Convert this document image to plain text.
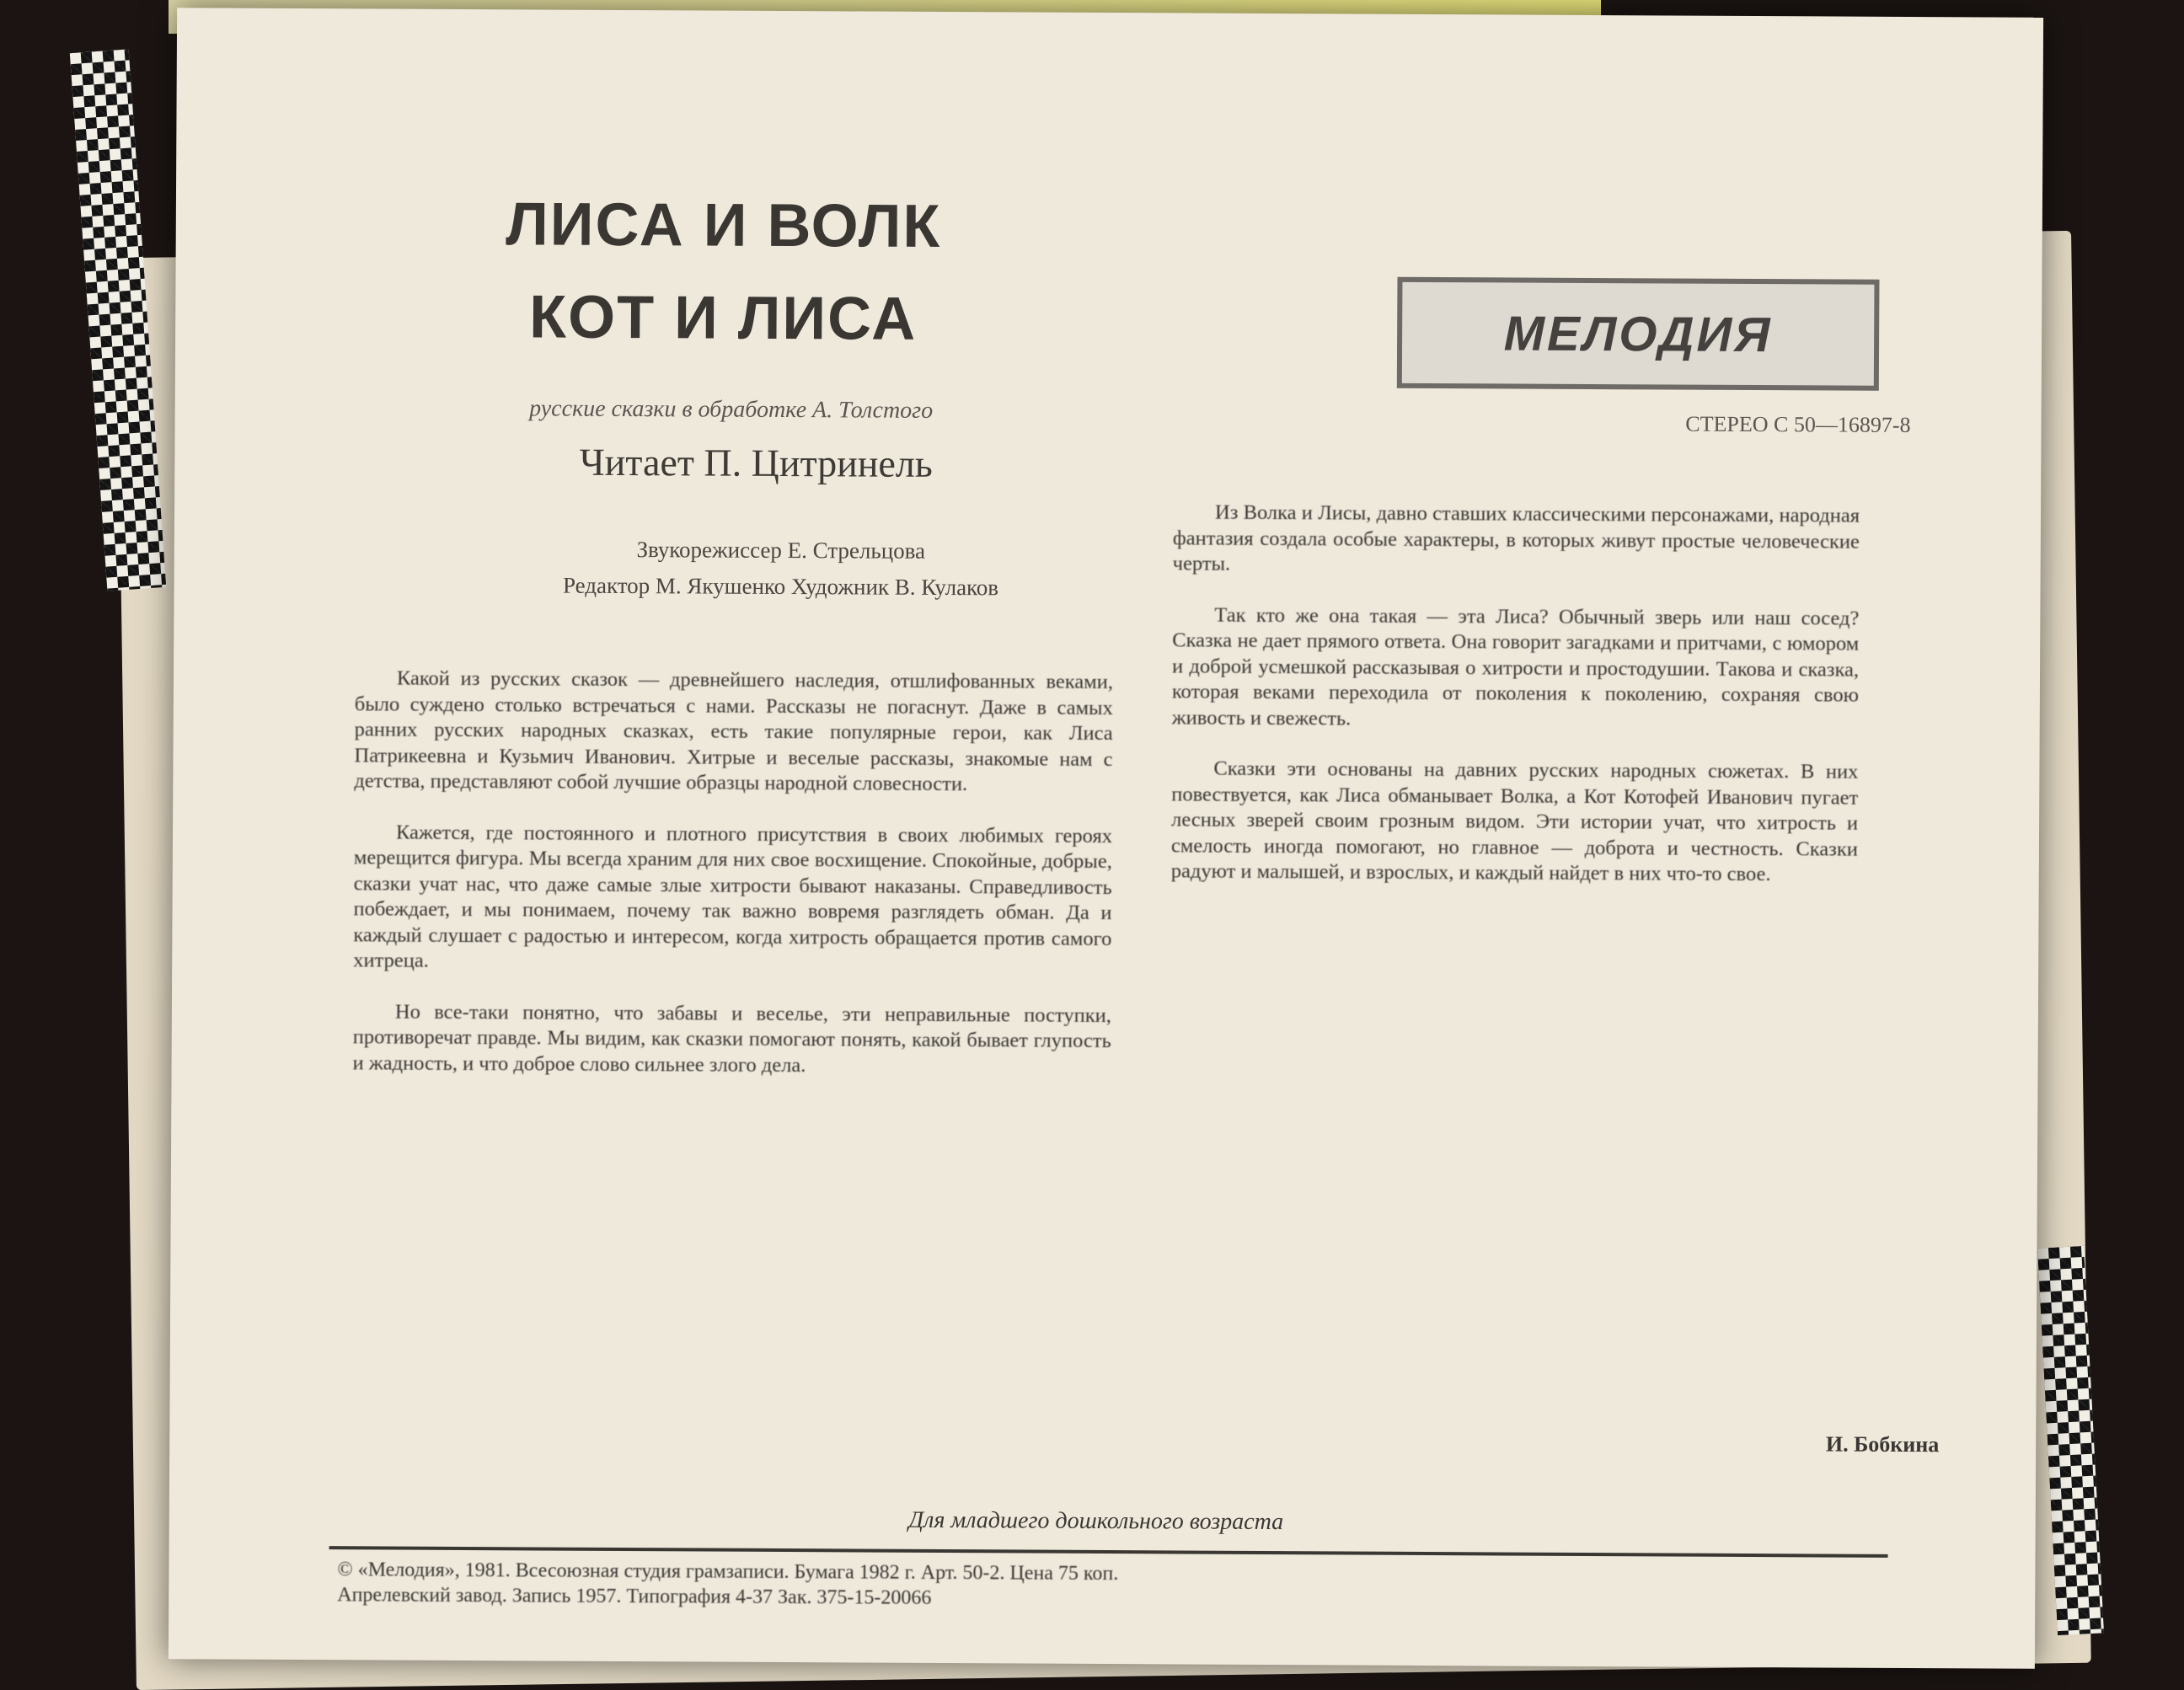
ЛИСА И ВОЛК
КОТ И ЛИСА
русские сказки в обработке А. Толстого
Читает П. Цитринель
Звукорежиссер Е. Стрельцова
Редактор М. Якушенко Художник В. Кулаков
МЕЛОДИЯ
СТЕРЕО С 50—16897-8

Какой из русских сказок — древнейшего наследия, отшлифованных веками, было суждено столько встречаться с нами. Рассказы не погаснут. Даже в самых ранних русских народных сказках, есть такие популярные герои, как Лиса Патрикеевна и Кузьмич Иванович. Хитрые и веселые рассказы, знакомые нам с детства, представляют собой лучшие образцы народной словесности.

Кажется, где постоянного и плотного присутствия в своих любимых героях мерещится фигура. Мы всегда храним для них свое восхищение. Спокойные, добрые, сказки учат нас, что даже самые злые хитрости бывают наказаны. Справедливость побеждает, и мы понимаем, почему так важно вовремя разглядеть обман. Да и каждый слушает с радостью и интересом, когда хитрость обращается против самого хитреца.

Но все-таки понятно, что забавы и веселье, эти неправильные поступки, противоречат правде. Мы видим, как сказки помогают понять, какой бывает глупость и жадность, и что доброе слово сильнее злого дела.

Из Волка и Лисы, давно ставших классическими персонажами, народная фантазия создала особые характеры, в которых живут простые человеческие черты.

Так кто же она такая — эта Лиса? Обычный зверь или наш сосед? Сказка не дает прямого ответа. Она говорит загадками и притчами, с юмором и доброй усмешкой рассказывая о хитрости и простодушии. Такова и сказка, которая веками переходила от поколения к поколению, сохраняя свою живость и свежесть.

Сказки эти основаны на давних русских народных сюжетах. В них повествуется, как Лиса обманывает Волка, а Кот Котофей Иванович пугает лесных зверей своим грозным видом. Эти истории учат, что хитрость и смелость иногда помогают, но главное — доброта и честность. Сказки радуют и малышей, и взрослых, и каждый найдет в них что-то свое.

И. Бобкина
Для младшего дошкольного возраста
© «Мелодия», 1981. Всесоюзная студия грамзаписи. Бумага 1982 г. Арт. 50-2. Цена 75 коп.
Апрелевский завод. Запись 1957. Типография 4-37 Зак. 375-15-20066
